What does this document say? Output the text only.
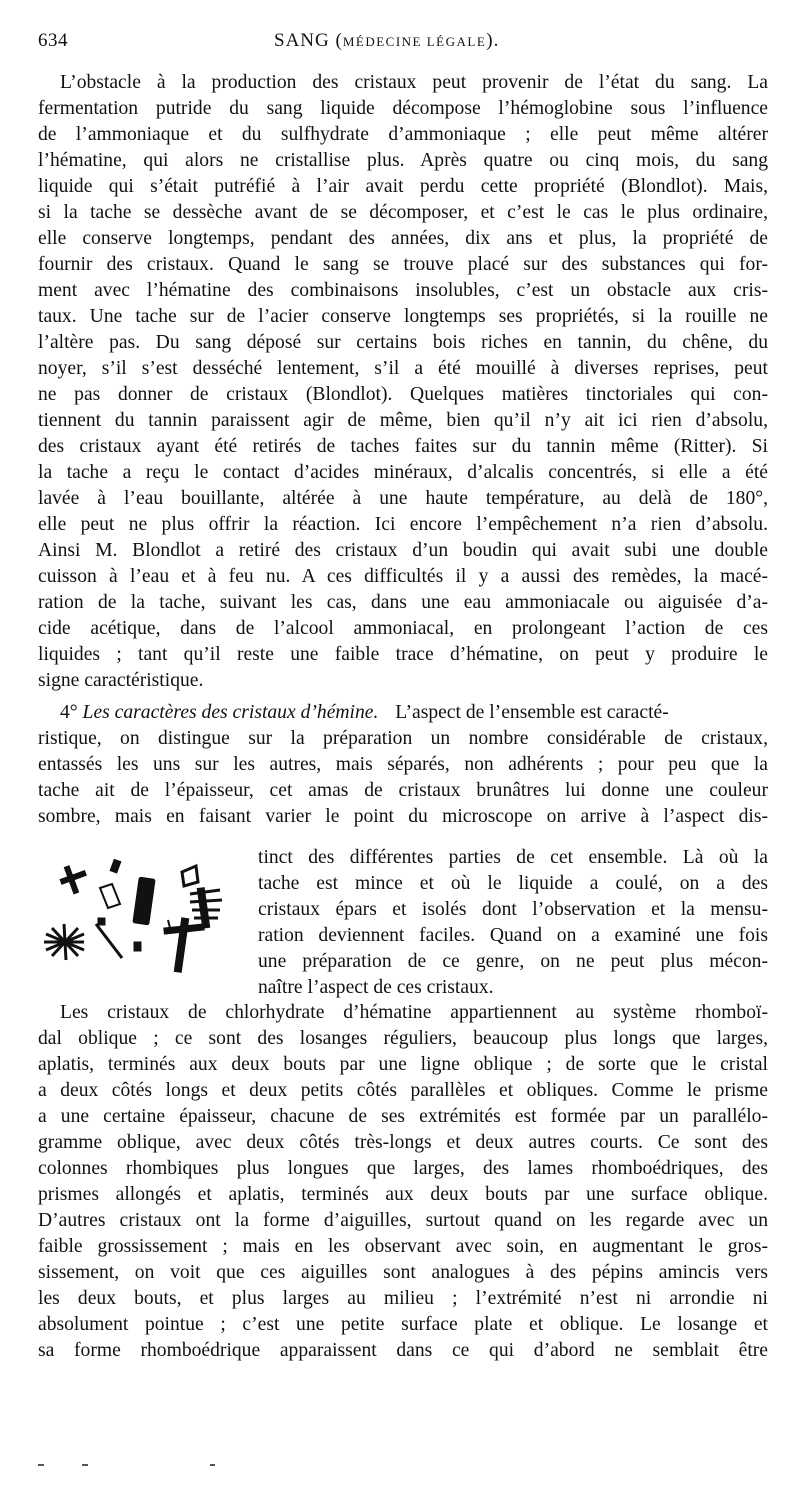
634	SANG (MÉDECINE LÉGALE).
L’obstacle à la production des cristaux peut provenir de l’état du sang. La
fermentation putride du sang liquide décompose l’hémoglobine sous l’influence
de l’ammoniaque et du sulfhydrate d’ammoniaque ; elle peut même altérer
l’hématine, qui alors ne cristallise plus. Après quatre ou cinq mois, du sang
liquide qui s’était putréfié à l’air avait perdu cette propriété (Blondlot). Mais,
si la tache se dessèche avant de se décomposer, et c’est le cas le plus ordinaire,
elle conserve longtemps, pendant des années, dix ans et plus, la propriété de
fournir des cristaux. Quand le sang se trouve placé sur des substances qui for-
ment avec l’hématine des combinaisons insolubles, c’est un obstacle aux cris-
taux. Une tache sur de l’acier conserve longtemps ses propriétés, si la rouille ne
l’altère pas. Du sang déposé sur certains bois riches en tannin, du chêne, du
noyer, s’il s’est desséché lentement, s’il a été mouillé à diverses reprises, peut
ne pas donner de cristaux (Blondlot). Quelques matières tinctoriales qui con-
tiennent du tannin paraissent agir de même, bien qu’il n’y ait ici rien d’absolu,
des cristaux ayant été retirés de taches faites sur du tannin même (Ritter). Si
la tache a reçu le contact d’acides minéraux, d’alcalis concentrés, si elle a été
lavée à l’eau bouillante, altérée à une haute température, au delà de 180°,
elle peut ne plus offrir la réaction. Ici encore l’empêchement n’a rien d’absolu.
Ainsi M. Blondlot a retiré des cristaux d’un boudin qui avait subi une double
cuisson à l’eau et à feu nu. A ces difficultés il y a aussi des remèdes, la macé-
ration de la tache, suivant les cas, dans une eau ammoniacale ou aiguisée d’a-
cide acétique, dans de l’alcool ammoniacal, en prolongeant l’action de ces
liquides ; tant qu’il reste une faible trace d’hématine, on peut y produire le
signe caractéristique.
4° Les caractères des cristaux d’hémine. L’aspect de l’ensemble est caracté-
ristique, on distingue sur la préparation un nombre considérable de cristaux,
entassés les uns sur les autres, mais séparés, non adhérents ; pour peu que la
tache ait de l’épaisseur, cet amas de cristaux brunâtres lui donne une couleur
sombre, mais en faisant varier le point du microscope on arrive à l’aspect dis-
tinct des différentes parties de cet ensemble. Là où la
tache est mince et où le liquide a coulé, on a des
cristaux épars et isolés dont l’observation et la mensu-
ration deviennent faciles. Quand on a examiné une fois
une préparation de ce genre, on ne peut plus mécon-
naître l’aspect de ces cristaux.
Les cristaux de chlorhydrate d’hématine appartiennent au système rhomboï-
dal oblique ; ce sont des losanges réguliers, beaucoup plus longs que larges,
aplatis, terminés aux deux bouts par une ligne oblique ; de sorte que le cristal
a deux côtés longs et deux petits côtés parallèles et obliques. Comme le prisme
a une certaine épaisseur, chacune de ses extrémités est formée par un parallélo-
gramme oblique, avec deux côtés très-longs et deux autres courts. Ce sont des
colonnes rhombiques plus longues que larges, des lames rhomboédriques, des
prismes allongés et aplatis, terminés aux deux bouts par une surface oblique.
D’autres cristaux ont la forme d’aiguilles, surtout quand on les regarde avec un
faible grossissement ; mais en les observant avec soin, en augmentant le gros-
sissement, on voit que ces aiguilles sont analogues à des pépins amincis vers
les deux bouts, et plus larges au milieu ; l’extrémité n’est ni arrondie ni
absolument pointue ; c’est une petite surface plate et oblique. Le losange et
sa forme rhomboédrique apparaissent dans ce qui d’abord ne semblait être
